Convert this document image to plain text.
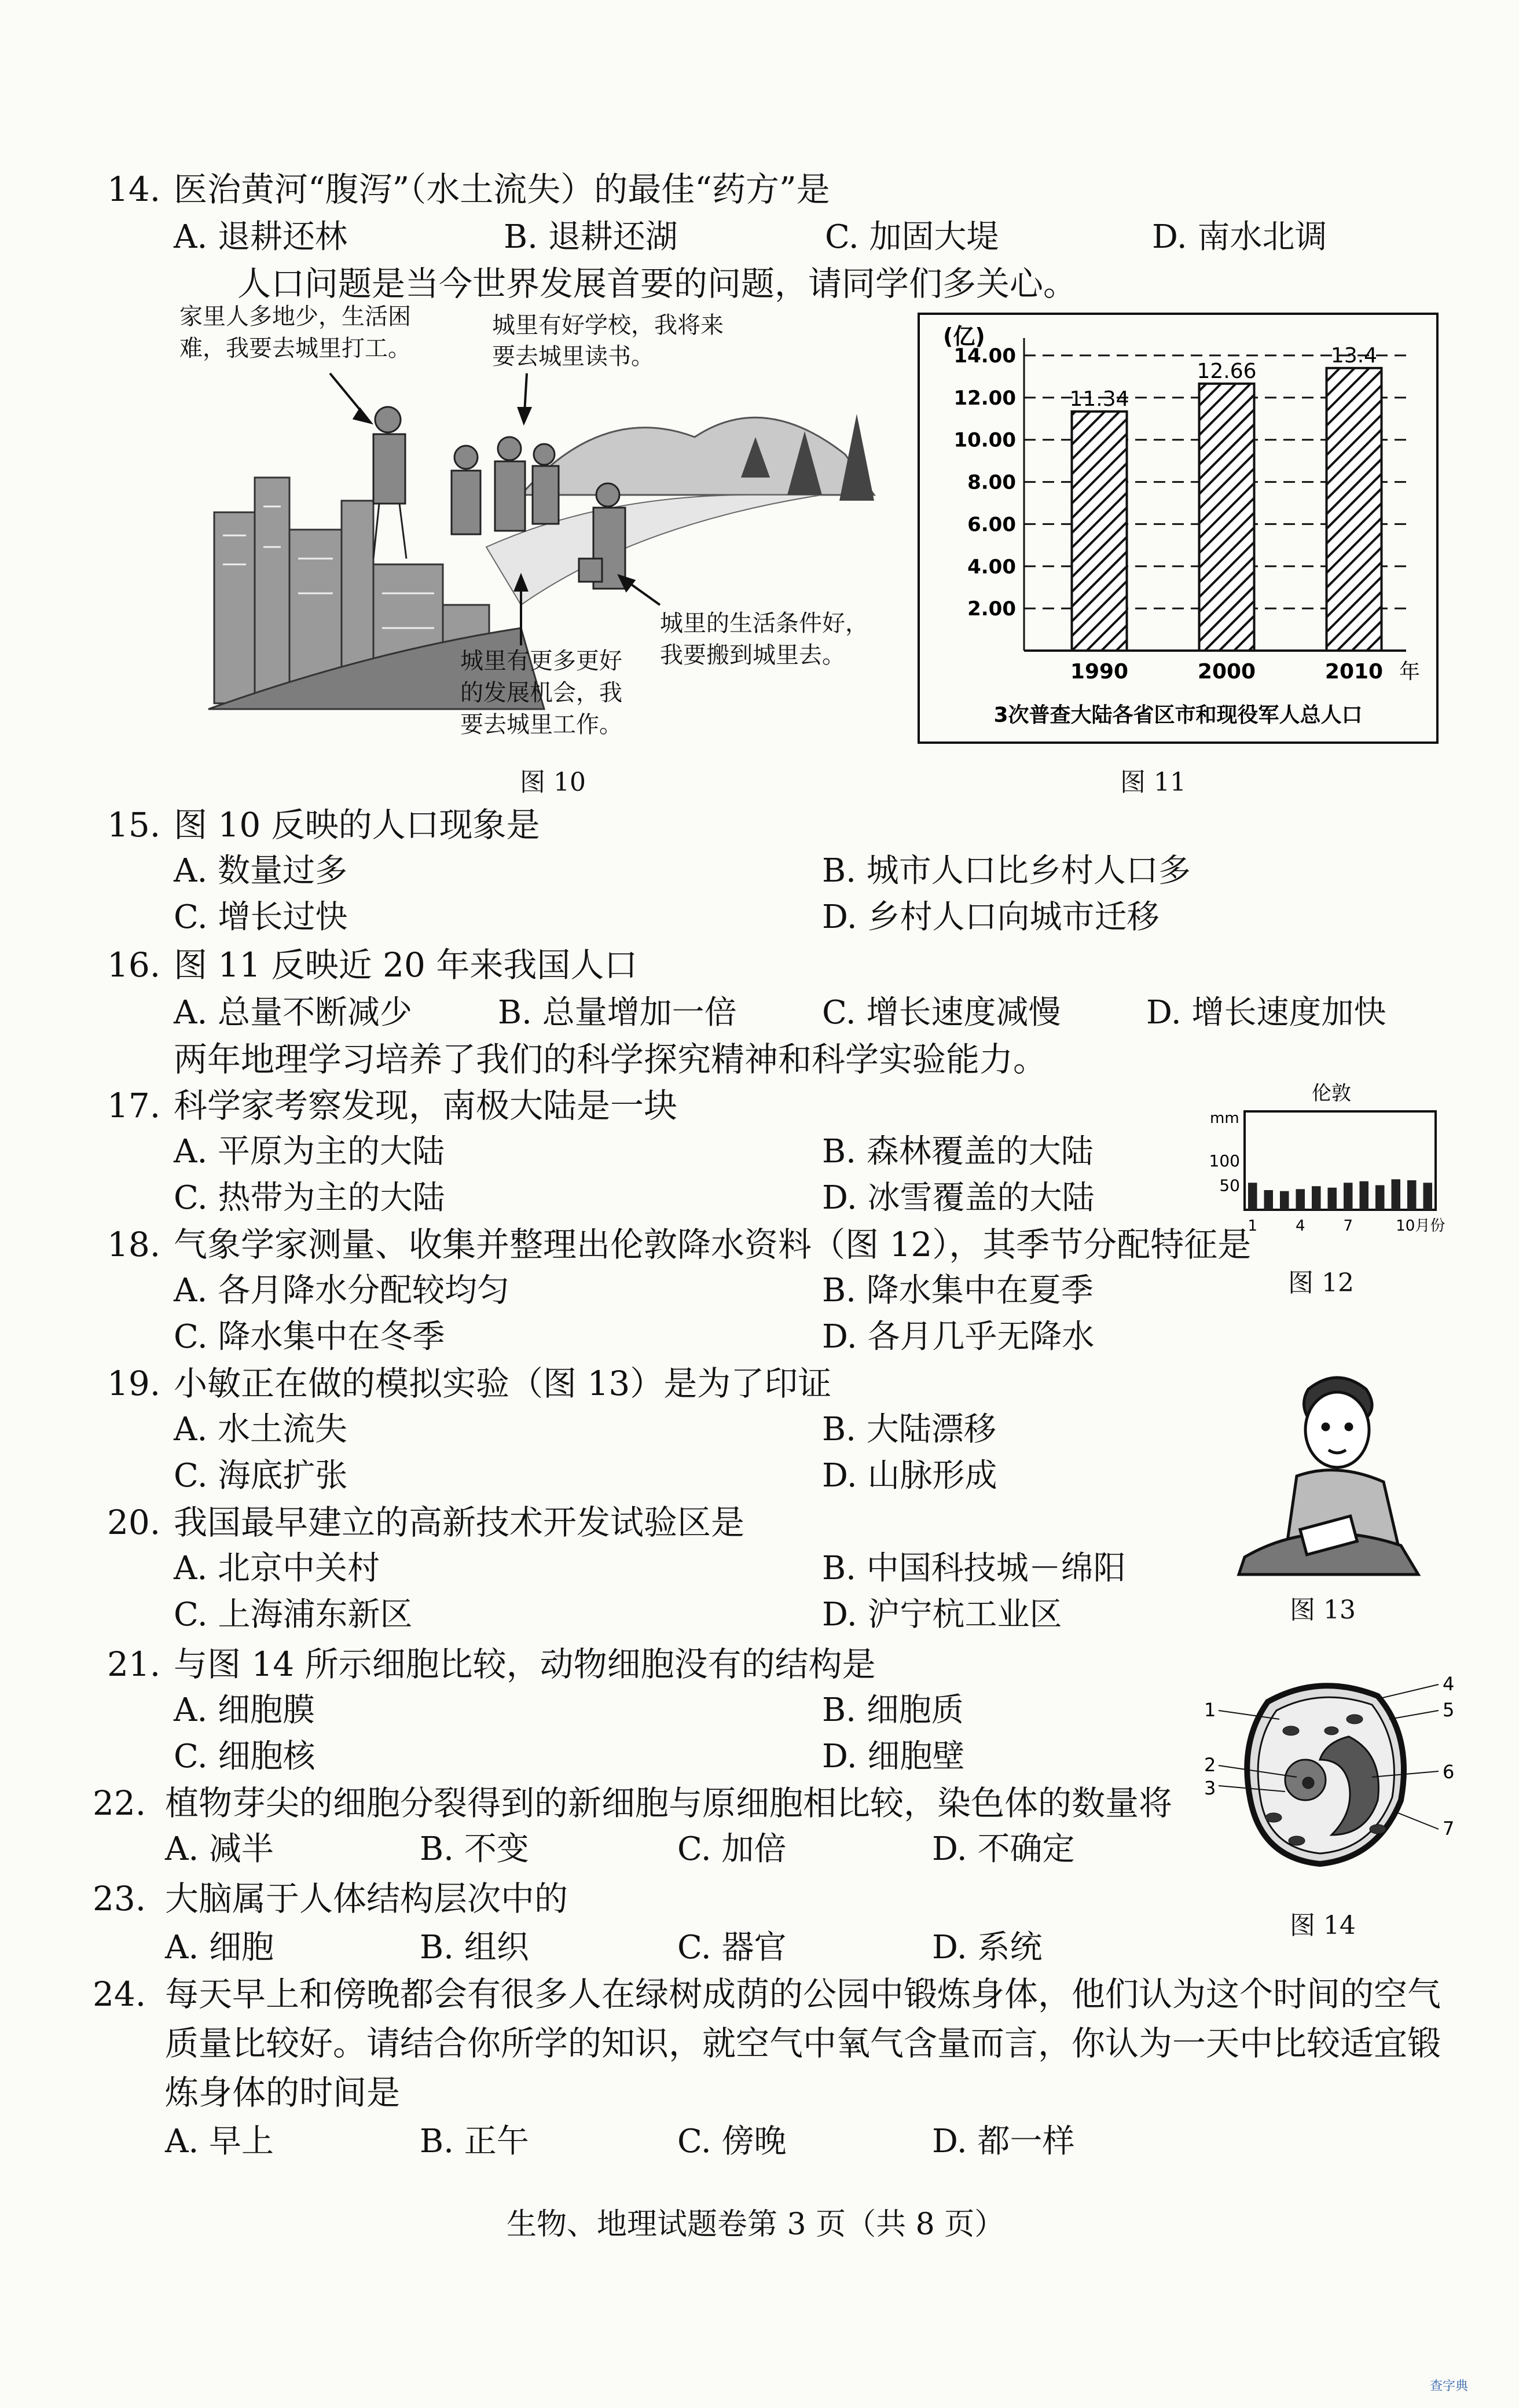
14. 医治黄河“腹泻”（水土流失）的最佳“药方”是
A. 退耕还林	B. 退耕还湖	C. 加固大堤	D. 南水北调
人口问题是当今世界发展首要的问题，请同学们多关心。
家里人多地少，生活困
难，我要去城里打工。
城里有好学校，我将来
要去城里读书。
城里有更多更好
的发展机会，我
要去城里工作。
城里的生活条件好，
我要搬到城里去。
图 10
(亿)
2.00
4.00
6.00
8.00
10.00
12.00
14.00
11.34
1990
12.66
2000
13.4
2010 年
3次普查大陆各省区市和现役军人总人口
图 11
15. 图 10 反映的人口现象是
A. 数量过多	B. 城市人口比乡村人口多
C. 增长过快	D. 乡村人口向城市迁移
16. 图 11 反映近 20 年来我国人口
A. 总量不断减少	B. 总量增加一倍	C. 增长速度减慢	D. 增长速度加快
两年地理学习培养了我们的科学探究精神和科学实验能力。
17. 科学家考察发现，南极大陆是一块
A. 平原为主的大陆	B. 森林覆盖的大陆
C. 热带为主的大陆	D. 冰雪覆盖的大陆
伦敦
mm
100
50
1	4	7	10月份
图 12
18. 气象学家测量、收集并整理出伦敦降水资料（图 12），其季节分配特征是
A. 各月降水分配较均匀	B. 降水集中在夏季
C. 降水集中在冬季	D. 各月几乎无降水
19. 小敏正在做的模拟实验（图 13）是为了印证
A. 水土流失	B. 大陆漂移
C. 海底扩张	D. 山脉形成
图 13
20. 我国最早建立的高新技术开发试验区是
A. 北京中关村	B. 中国科技城－绵阳
C. 上海浦东新区	D. 沪宁杭工业区
21. 与图 14 所示细胞比较，动物细胞没有的结构是
A. 细胞膜	B. 细胞质
C. 细胞核	D. 细胞壁
1
2
3
4
5
6
7
图 14
22. 植物芽尖的细胞分裂得到的新细胞与原细胞相比较，染色体的数量将
A. 减半	B. 不变	C. 加倍	D. 不确定
23. 大脑属于人体结构层次中的
A. 细胞	B. 组织	C. 器官	D. 系统
24. 每天早上和傍晚都会有很多人在绿树成荫的公园中锻炼身体，他们认为这个时间的空气
质量比较好。请结合你所学的知识，就空气中氧气含量而言，你认为一天中比较适宜锻
炼身体的时间是
A. 早上	B. 正午	C. 傍晚	D. 都一样
生物、地理试题卷第 3 页（共 8 页）
查字典
